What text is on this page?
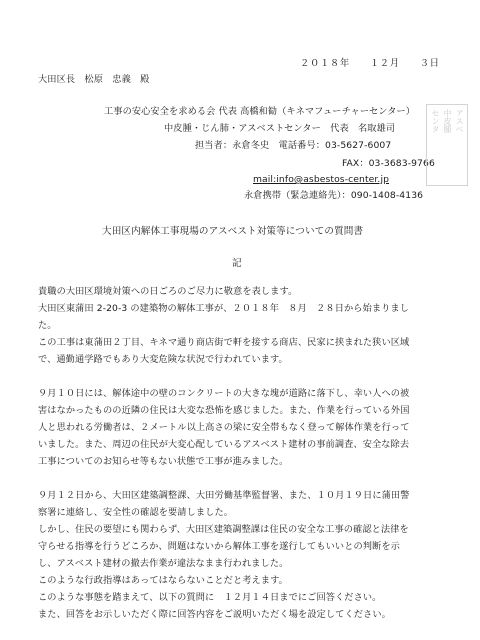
２０１８年　　１２月　　３日
大田区長　松原　忠義　殿
工事の安心安全を求める会 代表 高橋和勧（キネマフューチャーセンター）
中皮腫・じん肺・アスベストセンター　代表　名取雄司
担当者：永倉冬史　電話番号：03-5627-6007
FAX：03-3683-9766
mail:info@asbestos-center.jp
永倉携帯（緊急連絡先）：090-1408-4136
アスベ
中皮腫
センタ
大田区内解体工事現場のアスベスト対策等についての質問書
記
貴職の大田区環境対策への日ごろのご尽力に敬意を表します。
大田区東蒲田 2-20-3 の建築物の解体工事が、２０１８年　８月　２８日から始まりまし
た。
この工事は東蒲田２丁目、キネマ通り商店街で軒を接する商店、民家に挟まれた狭い区域
で、通勤通学路でもあり大変危険な状況で行われています。
９月１０日には、解体途中の壁のコンクリートの大きな塊が道路に落下し、幸い人への被
害はなかったものの近隣の住民は大変な恐怖を感じました。また、作業を行っている外国
人と思われる労働者は、２メートル以上高さの梁に安全帯もなく登って解体作業を行って
いました。また、周辺の住民が大変心配しているアスベスト建材の事前調査、安全な除去
工事についてのお知らせ等もない状態で工事が進みました。
９月１２日から、大田区建築調整課、大田労働基準監督署、また、１０月１９日に蒲田警
察署に連絡し、安全性の確認を要請しました。
しかし、住民の要望にも関わらず、大田区建築調整課は住民の安全な工事の確認と法律を
守らせる指導を行うどころか、問題はないから解体工事を遂行してもいいとの判断を示
し、アスベスト建材の撤去作業が違法なまま行われました。
このような行政指導はあってはならないことだと考えます。
このような事態を踏まえて、以下の質問に　１２月１４日までにご回答ください。
また、回答をお示しいただく際に回答内容をご説明いただく場を設定してください。
